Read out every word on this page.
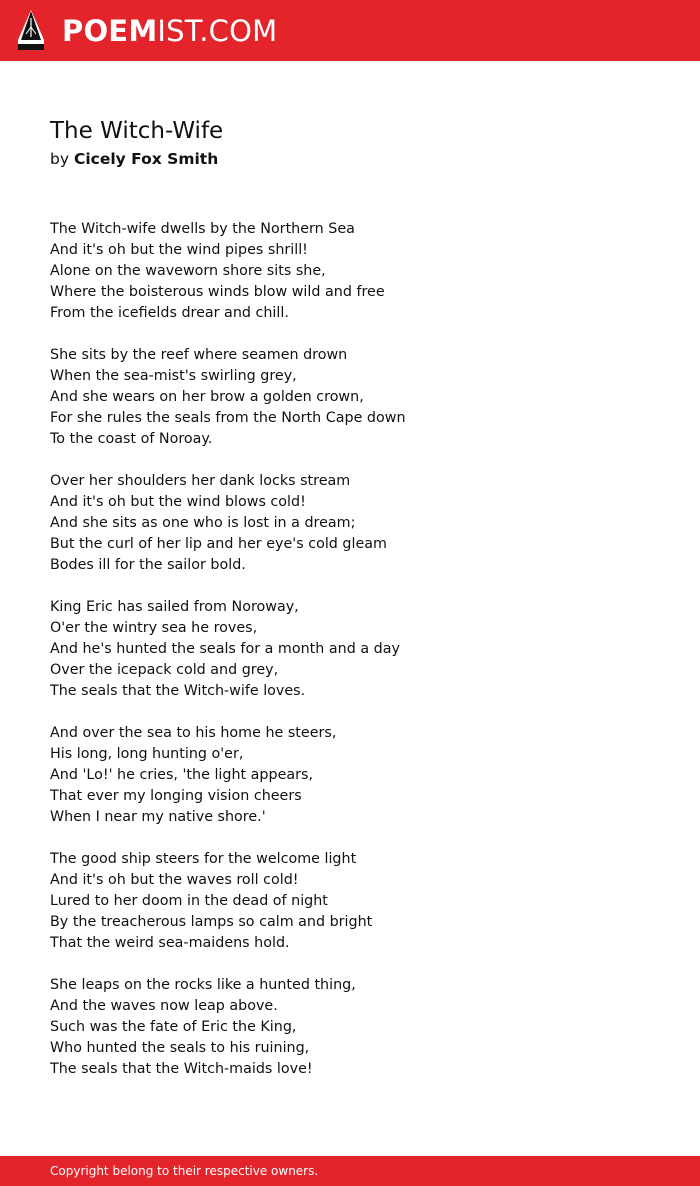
POEMIST.COM
The Witch-Wife
by Cicely Fox Smith
The Witch-wife dwells by the Northern Sea
And it's oh but the wind pipes shrill!
Alone on the waveworn shore sits she,
Where the boisterous winds blow wild and free
From the icefields drear and chill.
She sits by the reef where seamen drown
When the sea-mist's swirling grey,
And she wears on her brow a golden crown,
For she rules the seals from the North Cape down
To the coast of Noroay.
Over her shoulders her dank locks stream
And it's oh but the wind blows cold!
And she sits as one who is lost in a dream;
But the curl of her lip and her eye's cold gleam
Bodes ill for the sailor bold.
King Eric has sailed from Noroway,
O'er the wintry sea he roves,
And he's hunted the seals for a month and a day
Over the icepack cold and grey,
The seals that the Witch-wife loves.
And over the sea to his home he steers,
His long, long hunting o'er,
And 'Lo!' he cries, 'the light appears,
That ever my longing vision cheers
When I near my native shore.'
The good ship steers for the welcome light
And it's oh but the waves roll cold!
Lured to her doom in the dead of night
By the treacherous lamps so calm and bright
That the weird sea-maidens hold.
She leaps on the rocks like a hunted thing,
And the waves now leap above.
Such was the fate of Eric the King,
Who hunted the seals to his ruining,
The seals that the Witch-maids love!
Copyright belong to their respective owners.
